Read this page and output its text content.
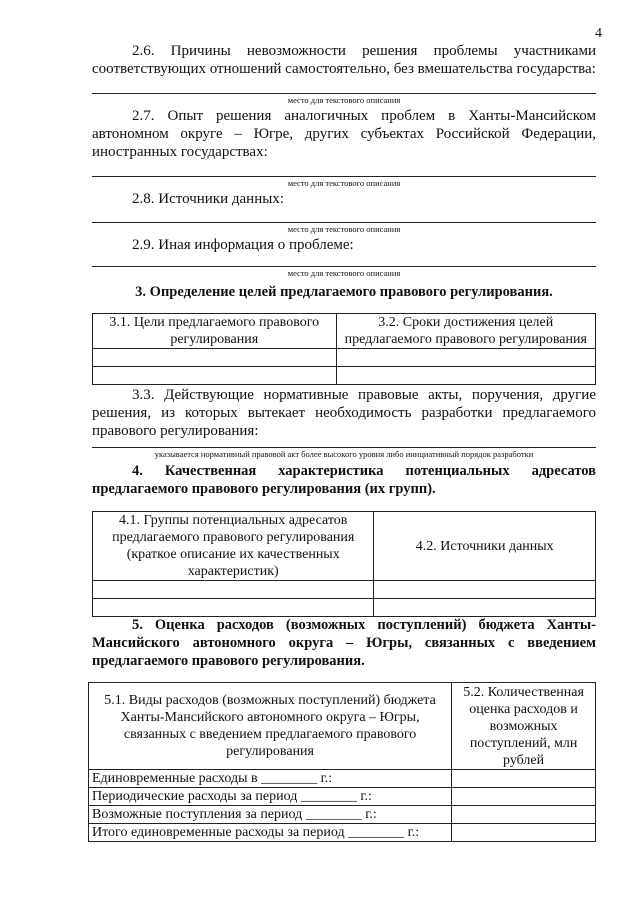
4
2.6. Причины невозможности решения проблемы участниками соответствующих отношений самостоятельно, без вмешательства государства:
место для текстового описания
2.7. Опыт решения аналогичных проблем в Ханты-Мансийском автономном округе – Югре, других субъектах Российской Федерации, иностранных государствах:
место для текстового описания
2.8. Источники данных:
место для текстового описания
2.9. Иная информация о проблеме:
место для текстового описания
3. Определение целей предлагаемого правового регулирования.
3.1. Цели предлагаемого правового регулирования	3.2. Сроки достижения целей предлагаемого правового регулирования

3.3. Действующие нормативные правовые акты, поручения, другие решения, из которых вытекает необходимость разработки предлагаемого правового регулирования:
указывается нормативный правовой акт более высокого уровня либо инициативный порядок разработки
4. Качественная характеристика потенциальных адресатов предлагаемого правового регулирования (их групп).
4.1. Группы потенциальных адресатов предлагаемого правового регулирования (краткое описание их качественных характеристик)	4.2. Источники данных

5. Оценка расходов (возможных поступлений) бюджета Ханты-Мансийского автономного округа – Югры, связанных с введением предлагаемого правового регулирования.
5.1. Виды расходов (возможных поступлений) бюджета Ханты-Мансийского автономного округа – Югры, связанных с введением предлагаемого правового регулирования	5.2. Количественная оценка расходов и возможных поступлений, млн рублей
Единовременные расходы в ________ г.:	
Периодические расходы за период ________ г.:	
Возможные поступления за период ________ г.:	
Итого единовременные расходы за период ________ г.:	
